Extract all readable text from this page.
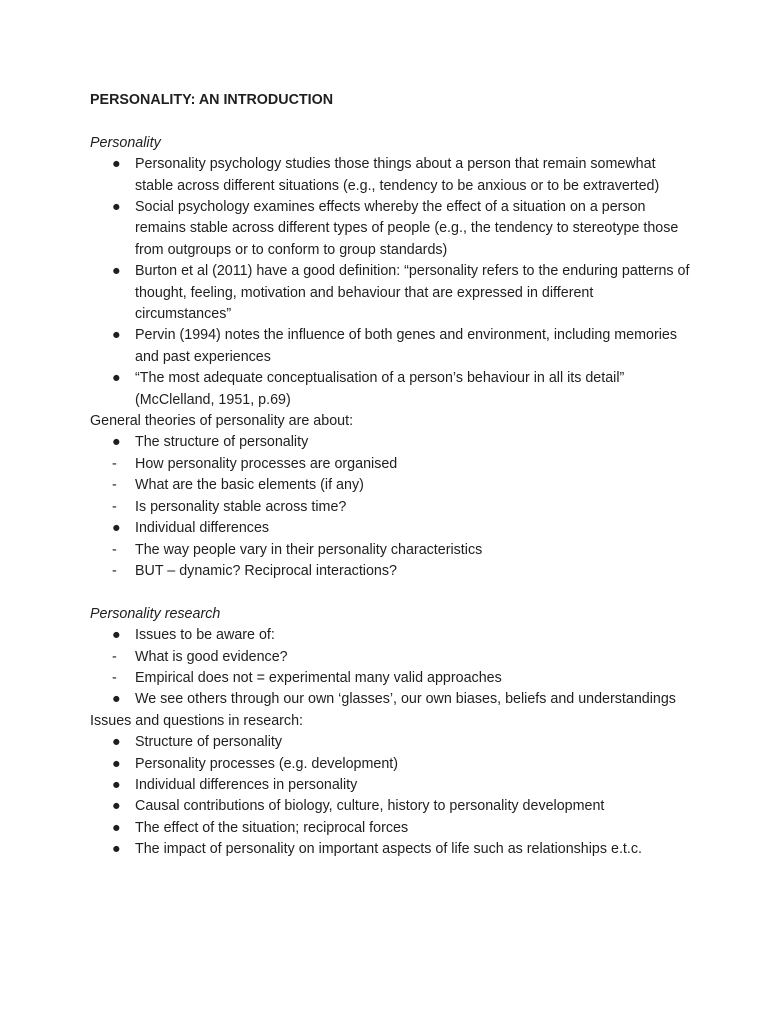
PERSONALITY: AN INTRODUCTION

Personality

●	Personality psychology studies those things about a person that remain somewhat stable across different situations (e.g., tendency to be anxious or to be extraverted)
●	Social psychology examines effects whereby the effect of a situation on a person remains stable across different types of people (e.g., the tendency to stereotype those from outgroups or to conform to group standards)
●	Burton et al (2011) have a good definition: “personality refers to the enduring patterns of thought, feeling, motivation and behaviour that are expressed in different circumstances”
●	Pervin (1994) notes the influence of both genes and environment, including memories and past experiences
●	“The most adequate conceptualisation of a person’s behaviour in all its detail” (McClelland, 1951, p.69)

General theories of personality are about:

●	The structure of personality
-	How personality processes are organised
-	What are the basic elements (if any)
-	Is personality stable across time?
●	Individual differences
-	The way people vary in their personality characteristics
-	BUT – dynamic? Reciprocal interactions?

Personality research

●	Issues to be aware of:
-	What is good evidence?
-	Empirical does not = experimental many valid approaches
●	We see others through our own ‘glasses’, our own biases, beliefs and understandings

Issues and questions in research:

●	Structure of personality
●	Personality processes (e.g. development)
●	Individual differences in personality
●	Causal contributions of biology, culture, history to personality development
●	The effect of the situation; reciprocal forces
●	The impact of personality on important aspects of life such as relationships e.t.c.
